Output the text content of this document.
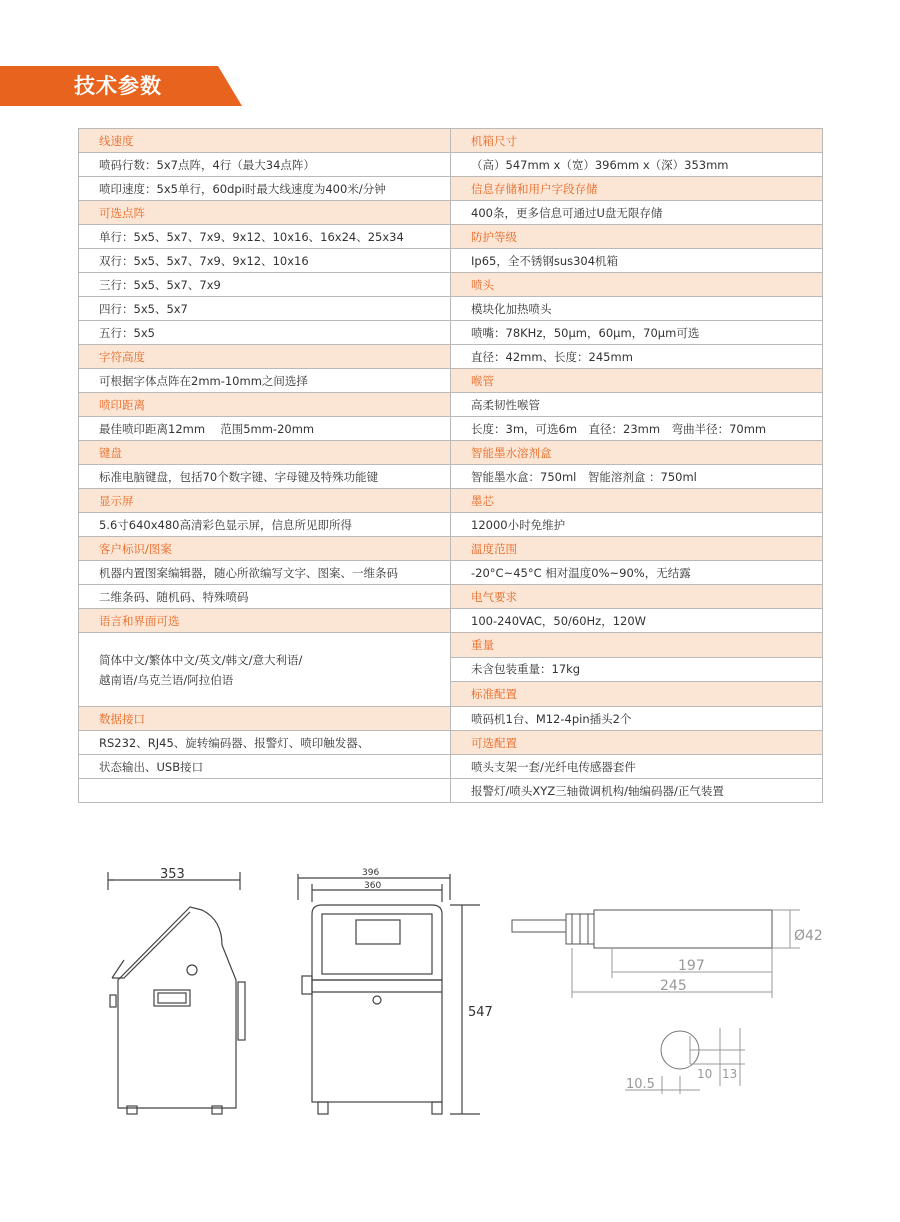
技术参数
线速度	机箱尺寸
喷码行数：5x7点阵，4行（最大34点阵）	（高）547mm x（宽）396mm x（深）353mm
喷印速度：5x5单行，60dpi时最大线速度为400米/分钟	信息存储和用户字段存储
可选点阵	400条，更多信息可通过U盘无限存储
单行：5x5、5x7、7x9、9x12、10x16、16x24、25x34	防护等级
双行：5x5、5x7、7x9、9x12、10x16	Ip65，全不锈钢sus304机箱
三行：5x5、5x7、7x9	喷头
四行：5x5、5x7	模块化加热喷头
五行：5x5	喷嘴：78KHz，50μm，60μm，70μm可选
字符高度	直径：42mm、长度：245mm
可根据字体点阵在2mm-10mm之间选择	喉管
喷印距离	高柔韧性喉管
最佳喷印距离12mm　 范围5mm-20mm	长度：3m，可选6m　直径：23mm　弯曲半径：70mm
键盘	智能墨水溶剂盒
标准电脑键盘，包括70个数字键、字母键及特殊功能键	智能墨水盒：750ml　智能溶剂盒 ：750ml
显示屏	墨芯
5.6寸640x480高清彩色显示屏，信息所见即所得	12000小时免维护
客户标识/图案	温度范围
机器内置图案编辑器，随心所欲编写文字、图案、一维条码	-20°C~45°C 相对温度0%~90%，无结露
二维条码、随机码、特殊喷码	电气要求
语言和界面可选	100-240VAC，50/60Hz，120W
简体中文/繁体中文/英文/韩文/意大利语/
越南语/乌克兰语/阿拉伯语	重量
	未含包装重量：17kg
	标准配置
数据接口	喷码机1台、M12-4pin插头2个
RS232、RJ45、旋转编码器、报警灯、喷印触发器、	可选配置
状态输出、USB接口	喷头支架一套/光纤电传感器套件
	报警灯/喷头XYZ三轴微调机构/轴编码器/正气装置
353	396
360
547
Ø42
197
245
10.5
10 13
